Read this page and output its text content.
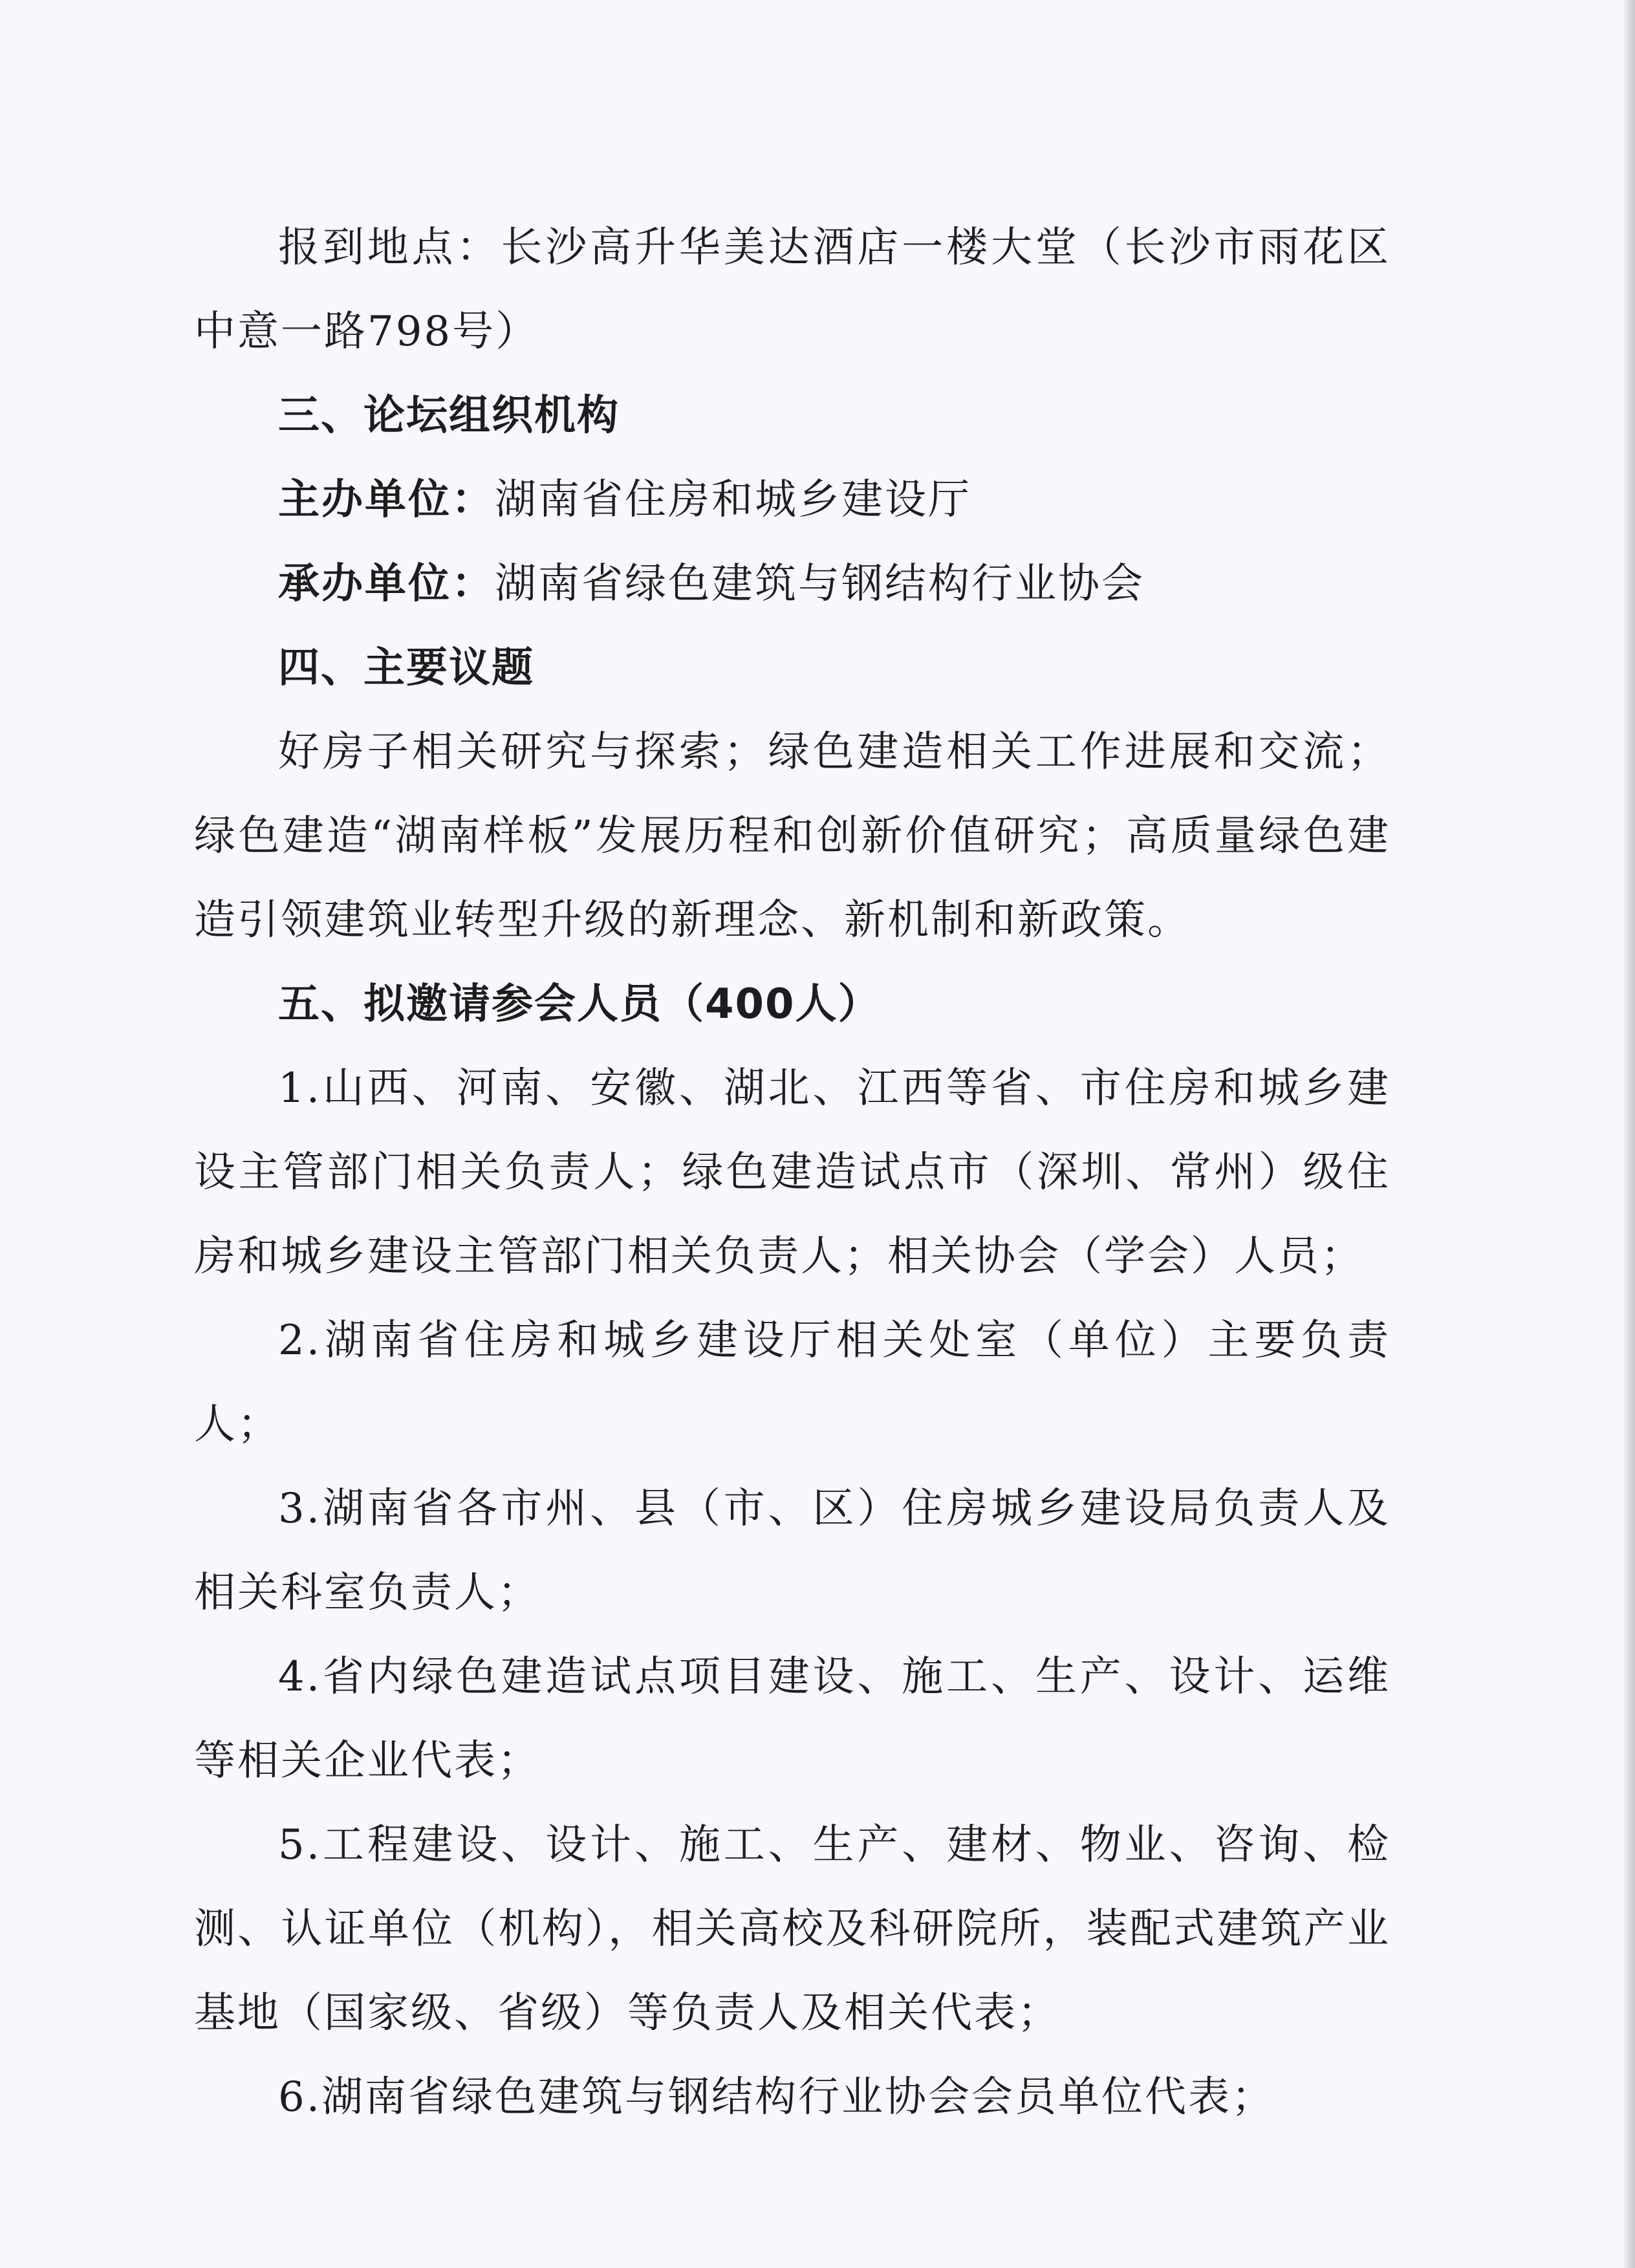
报到地点：长沙高升华美达酒店一楼大堂（长沙市雨花区中意一路798号）

三、论坛组织机构

主办单位：湖南省住房和城乡建设厅

承办单位：湖南省绿色建筑与钢结构行业协会

四、主要议题

好房子相关研究与探索；绿色建造相关工作进展和交流；绿色建造“湖南样板”发展历程和创新价值研究；高质量绿色建造引领建筑业转型升级的新理念、新机制和新政策。

五、拟邀请参会人员（400人）

1.山西、河南、安徽、湖北、江西等省、市住房和城乡建设主管部门相关负责人；绿色建造试点市（深圳、常州）级住房和城乡建设主管部门相关负责人；相关协会（学会）人员；

2.湖南省住房和城乡建设厅相关处室（单位）主要负责人；

3.湖南省各市州、县（市、区）住房城乡建设局负责人及相关科室负责人；

4.省内绿色建造试点项目建设、施工、生产、设计、运维等相关企业代表；

5.工程建设、设计、施工、生产、建材、物业、咨询、检测、认证单位（机构），相关高校及科研院所，装配式建筑产业基地（国家级、省级）等负责人及相关代表；

6.湖南省绿色建筑与钢结构行业协会会员单位代表；
